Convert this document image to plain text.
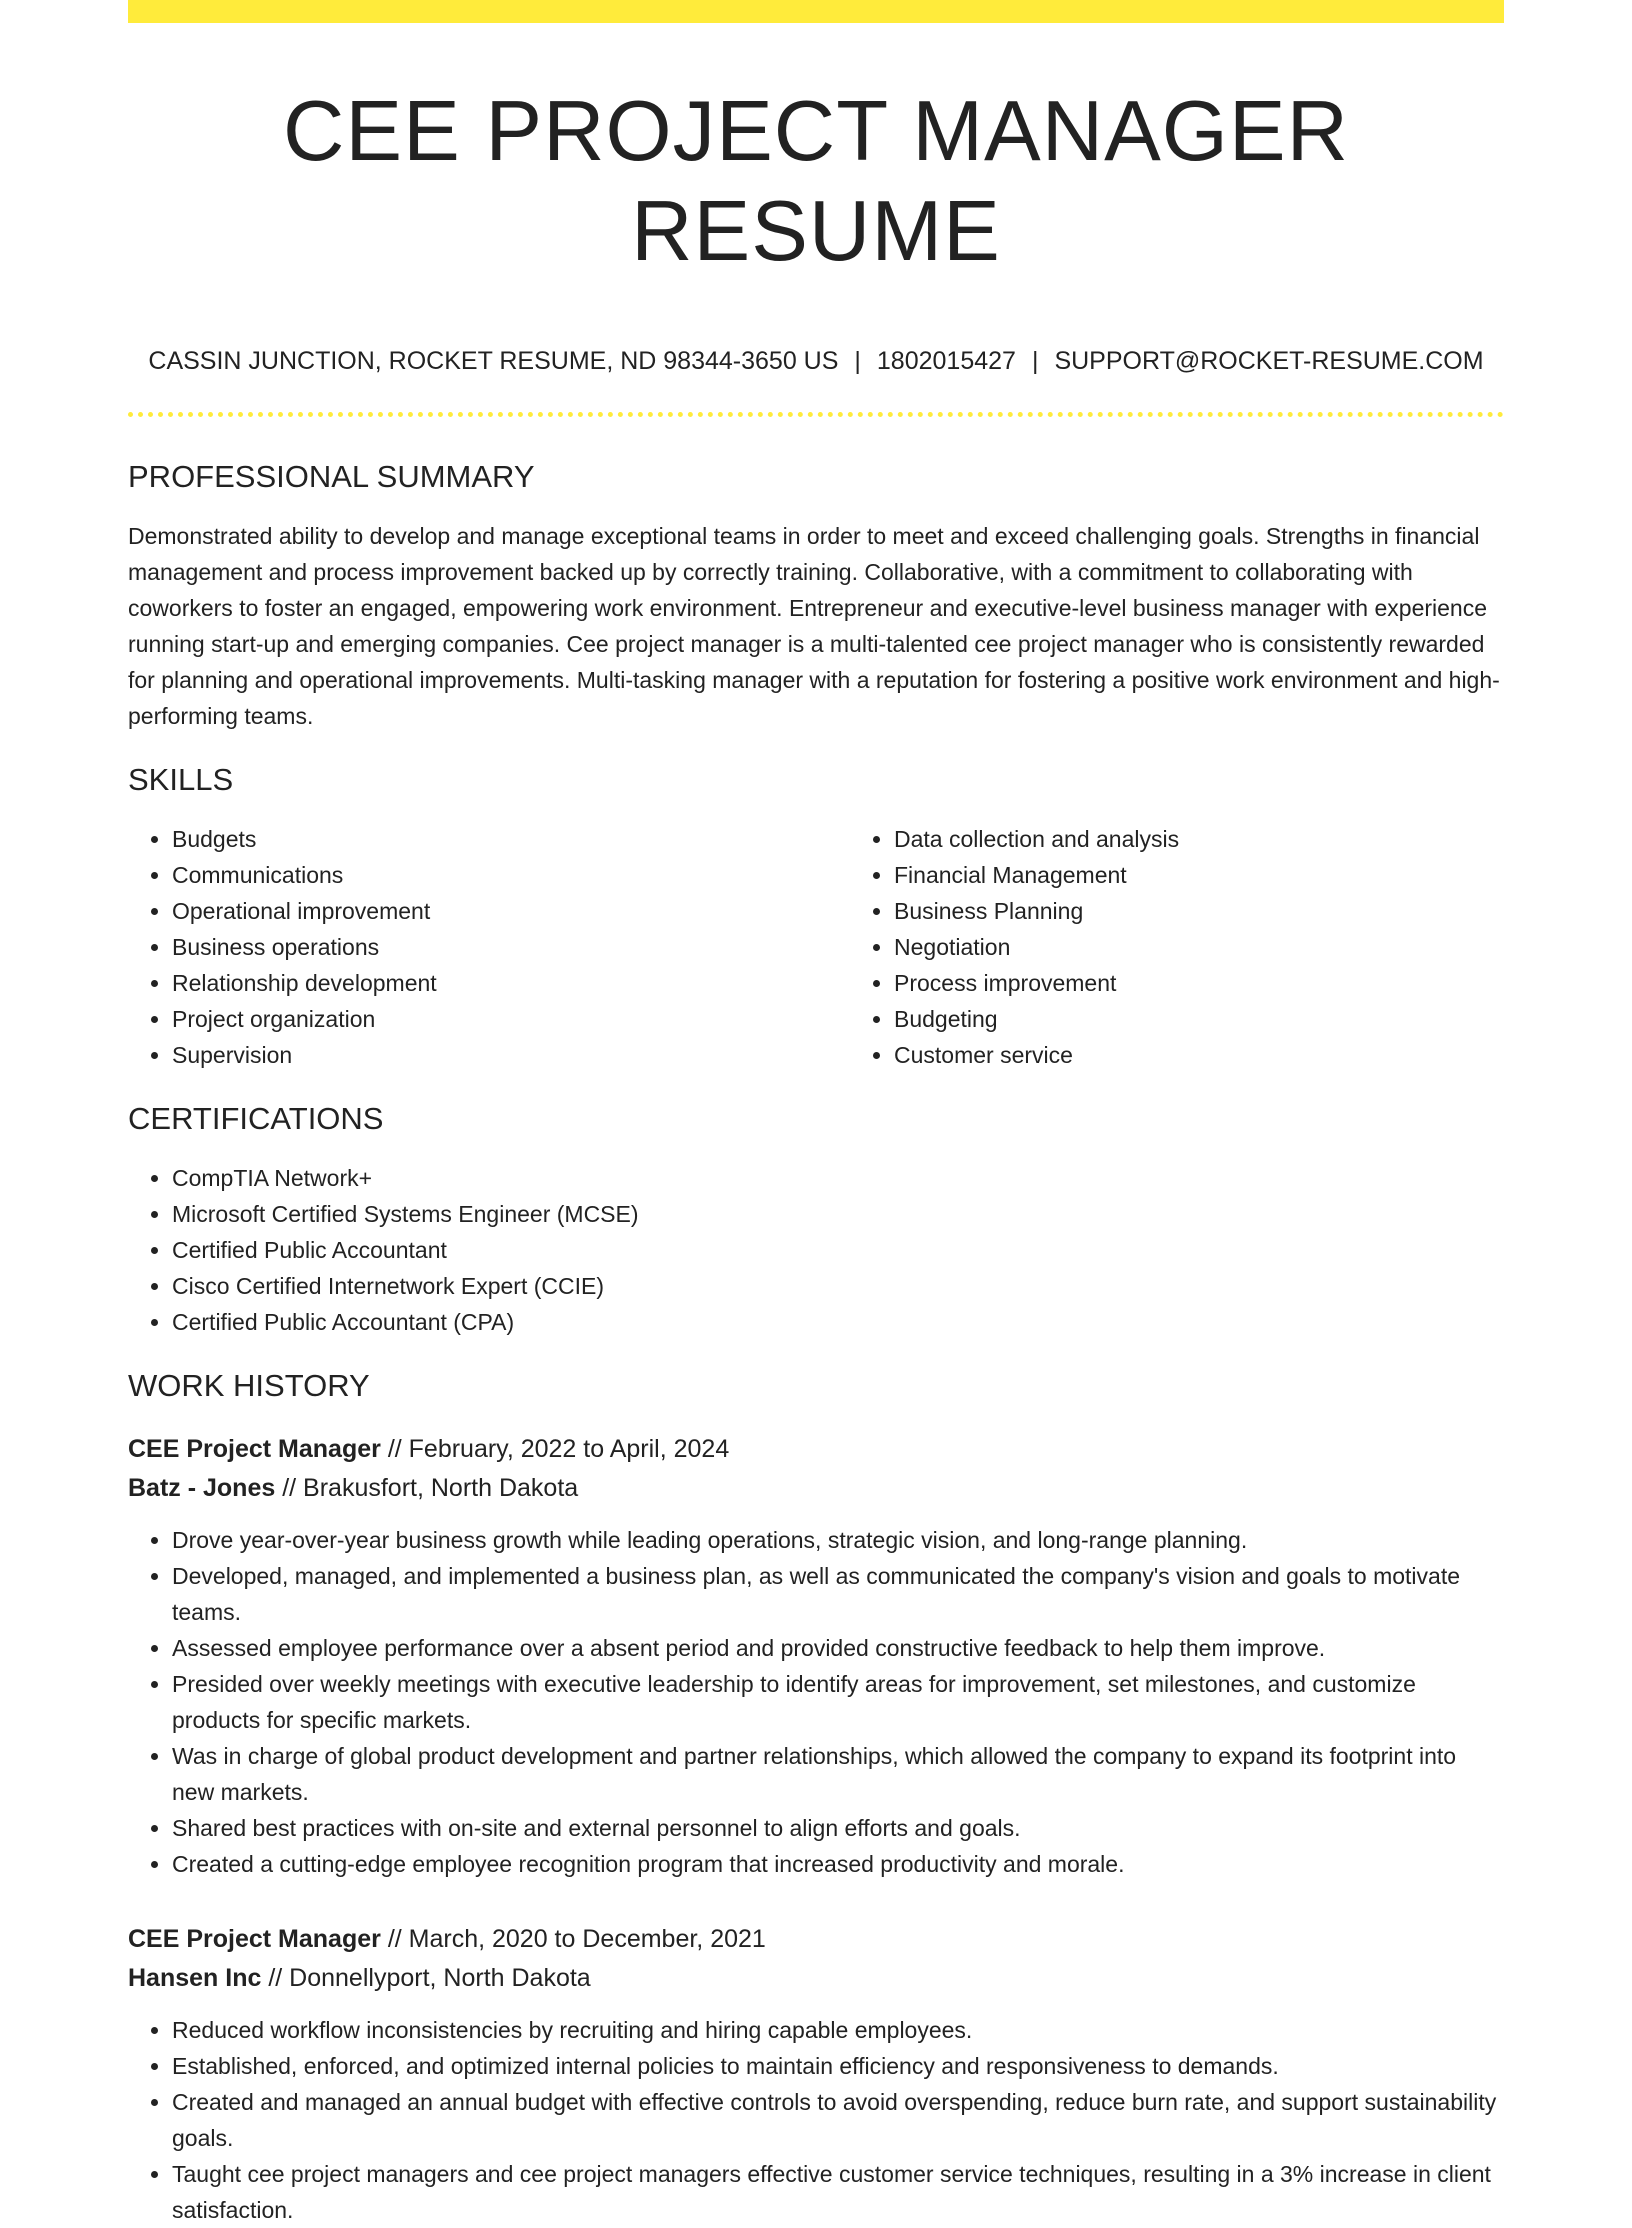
CEE PROJECT MANAGER RESUME
CASSIN JUNCTION, ROCKET RESUME, ND 98344-3650 US | 1802015427 | SUPPORT@ROCKET-RESUME.COM
PROFESSIONAL SUMMARY

Demonstrated ability to develop and manage exceptional teams in order to meet and exceed challenging goals. Strengths in financial management and process improvement backed up by correctly training. Collaborative, with a commitment to collaborating with coworkers to foster an engaged, empowering work environment. Entrepreneur and executive-level business manager with experience running start-up and emerging companies. Cee project manager is a multi-talented cee project manager who is consistently rewarded for planning and operational improvements. Multi-tasking manager with a reputation for fostering a positive work environment and high-performing teams.

SKILLS
• Budgets
• Communications
• Operational improvement
• Business operations
• Relationship development
• Project organization
• Supervision
• Data collection and analysis
• Financial Management
• Business Planning
• Negotiation
• Process improvement
• Budgeting
• Customer service
CERTIFICATIONS
• CompTIA Network+
• Microsoft Certified Systems Engineer (MCSE)
• Certified Public Accountant
• Cisco Certified Internetwork Expert (CCIE)
• Certified Public Accountant (CPA)
WORK HISTORY
CEE Project Manager // February, 2022 to April, 2024
Batz - Jones // Brakusfort, North Dakota
• Drove year-over-year business growth while leading operations, strategic vision, and long-range planning.
• Developed, managed, and implemented a business plan, as well as communicated the company's vision and goals to motivate teams.
• Assessed employee performance over a absent period and provided constructive feedback to help them improve.
• Presided over weekly meetings with executive leadership to identify areas for improvement, set milestones, and customize products for specific markets.
• Was in charge of global product development and partner relationships, which allowed the company to expand its footprint into new markets.
• Shared best practices with on-site and external personnel to align efforts and goals.
• Created a cutting-edge employee recognition program that increased productivity and morale.
CEE Project Manager // March, 2020 to December, 2021
Hansen Inc // Donnellyport, North Dakota
• Reduced workflow inconsistencies by recruiting and hiring capable employees.
• Established, enforced, and optimized internal policies to maintain efficiency and responsiveness to demands.
• Created and managed an annual budget with effective controls to avoid overspending, reduce burn rate, and support sustainability goals.
• Taught cee project managers and cee project managers effective customer service techniques, resulting in a 3% increase in client satisfaction.
